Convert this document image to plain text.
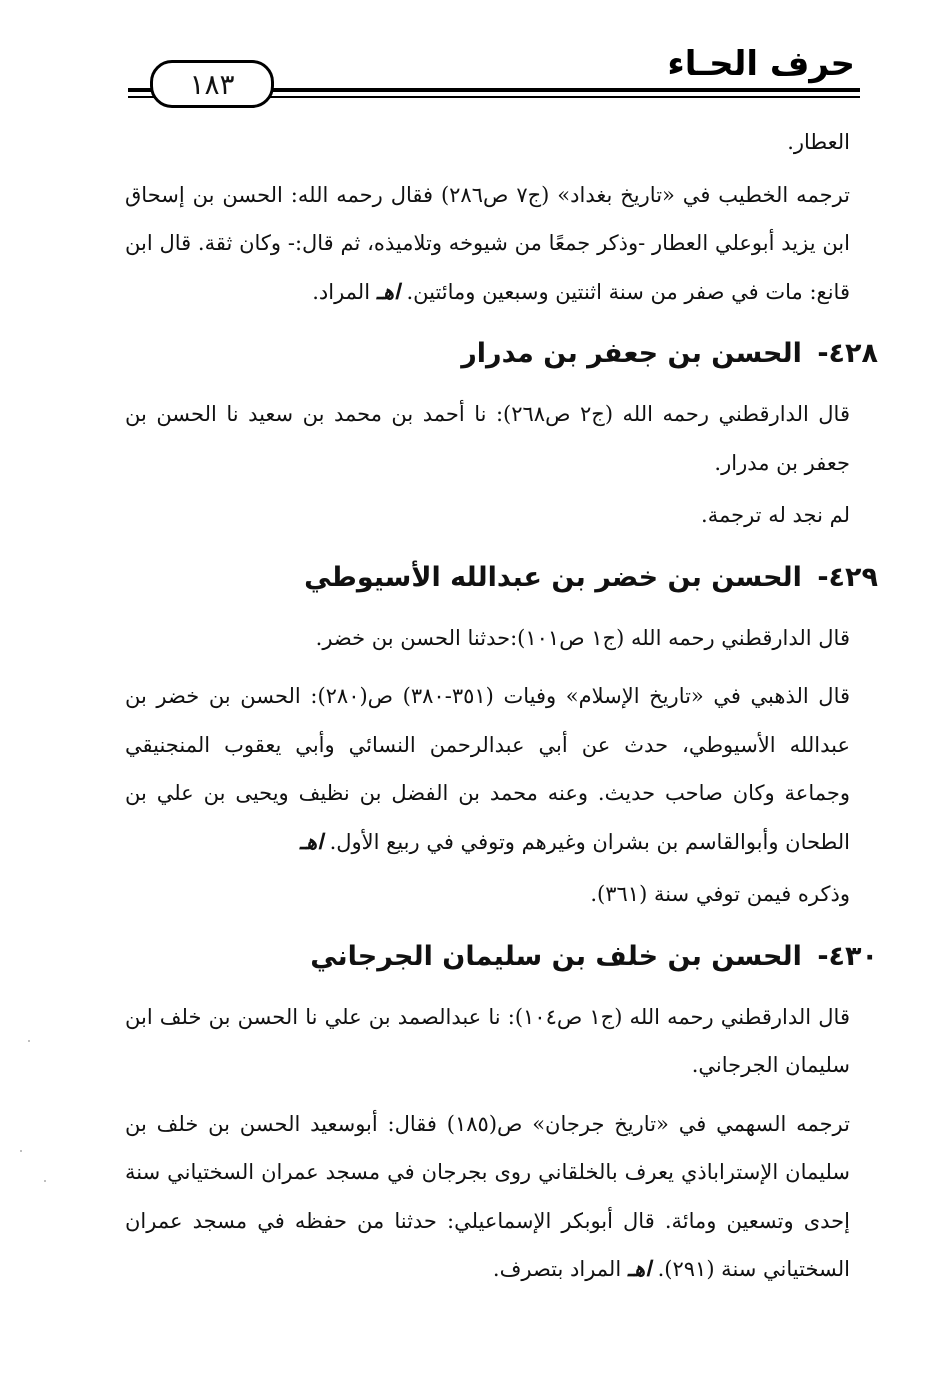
حرف الحـاء
١٨٣

العطار.

ترجمه الخطيب في «تاريخ بغداد» (ج٧ ص٢٨٦) فقال رحمه الله: الحسن بن إسحاق ابن يزيد أبوعلي العطار -وذكر جمعًا من شيوخه وتلاميذه، ثم قال:- وكان ثقة. قال ابن قانع: مات في صفر من سنة اثنتين وسبعين ومائتين. اهـ المراد.

٤٢٨- الحسن بن جعفر بن مدرار

قال الدارقطني رحمه الله (ج٢ ص٢٦٨): نا أحمد بن محمد بن سعيد نا الحسن بن جعفر بن مدرار.

لم نجد له ترجمة.

٤٢٩- الحسن بن خضر بن عبدالله الأسيوطي

قال الدارقطني رحمه الله (ج١ ص١٠١):حدثنا الحسن بن خضر.

قال الذهبي في «تاريخ الإسلام» وفيات (٣٥١-٣٨٠) ص(٢٨٠): الحسن بن خضر بن عبدالله الأسيوطي، حدث عن أبي عبدالرحمن النسائي وأبي يعقوب المنجنيقي وجماعة وكان صاحب حديث. وعنه محمد بن الفضل بن نظيف ويحيى بن علي بن الطحان وأبوالقاسم بن بشران وغيرهم وتوفي في ربيع الأول. اهـ

وذكره فيمن توفي سنة (٣٦١).

٤٣٠- الحسن بن خلف بن سليمان الجرجاني

قال الدارقطني رحمه الله (ج١ ص١٠٤): نا عبدالصمد بن علي نا الحسن بن خلف ابن سليمان الجرجاني.

ترجمه السهمي في «تاريخ جرجان» ص(١٨٥) فقال: أبوسعيد الحسن بن خلف بن سليمان الإستراباذي يعرف بالخلقاني روى بجرجان في مسجد عمران السختياني سنة إحدى وتسعين ومائة. قال أبوبكر الإسماعيلي: حدثنا من حفظه في مسجد عمران السختياني سنة (٢٩١). اهـ المراد بتصرف.
